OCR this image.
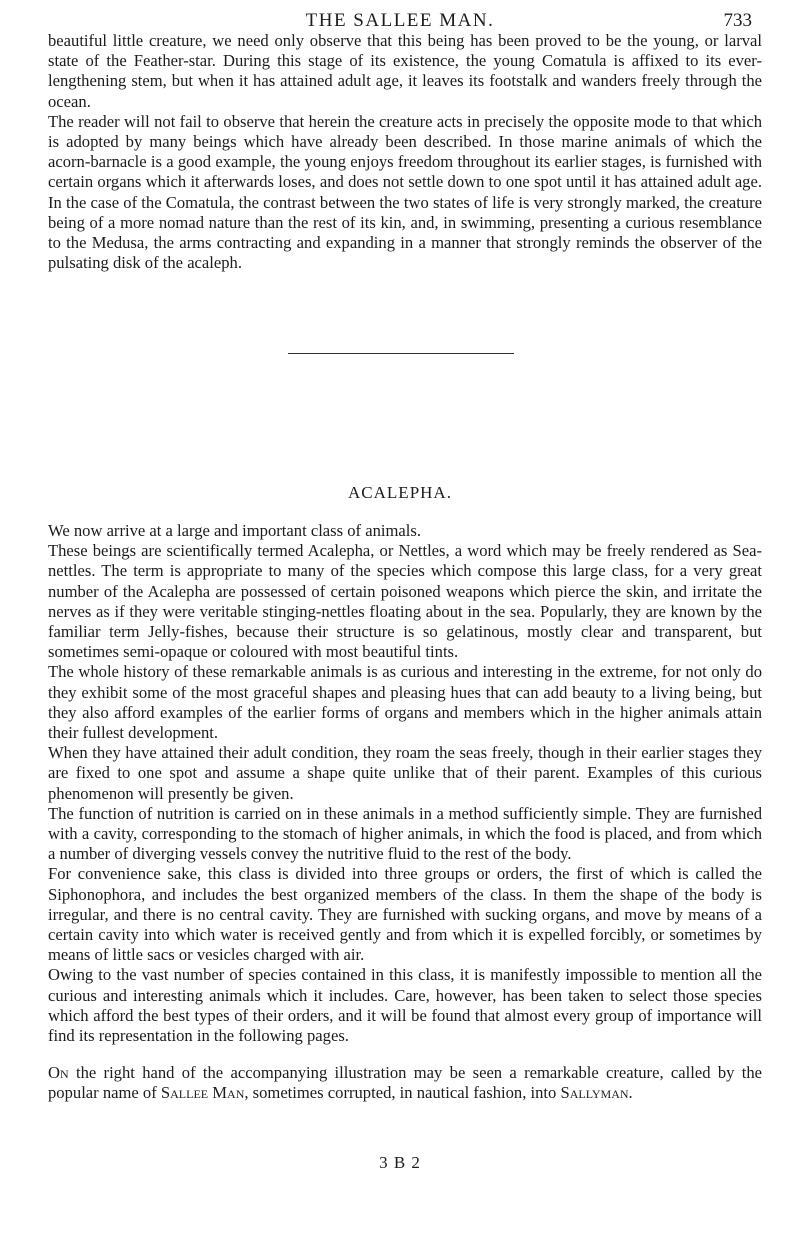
THE SALLEE MAN.	733

beautiful little creature, we need only observe that this being has been proved to be the young, or larval state of the Feather-star. During this stage of its existence, the young Comatula is affixed to its ever-lengthening stem, but when it has attained adult age, it leaves its footstalk and wanders freely through the ocean.

The reader will not fail to observe that herein the creature acts in precisely the opposite mode to that which is adopted by many beings which have already been described. In those marine animals of which the acorn-barnacle is a good example, the young enjoys freedom throughout its earlier stages, is furnished with certain organs which it afterwards loses, and does not settle down to one spot until it has attained adult age. In the case of the Comatula, the contrast between the two states of life is very strongly marked, the creature being of a more nomad nature than the rest of its kin, and, in swimming, presenting a curious resemblance to the Medusa, the arms contracting and expanding in a manner that strongly reminds the observer of the pulsating disk of the acaleph.

ACALEPHA.

We now arrive at a large and important class of animals.

These beings are scientifically termed Acalepha, or Nettles, a word which may be freely rendered as Sea-nettles. The term is appropriate to many of the species which compose this large class, for a very great number of the Acalepha are possessed of certain poisoned weapons which pierce the skin, and irritate the nerves as if they were veritable stinging-nettles floating about in the sea. Popularly, they are known by the familiar term Jelly-fishes, because their structure is so gelatinous, mostly clear and transparent, but sometimes semi-opaque or coloured with most beautiful tints.

The whole history of these remarkable animals is as curious and interesting in the extreme, for not only do they exhibit some of the most graceful shapes and pleasing hues that can add beauty to a living being, but they also afford examples of the earlier forms of organs and members which in the higher animals attain their fullest development.

When they have attained their adult condition, they roam the seas freely, though in their earlier stages they are fixed to one spot and assume a shape quite unlike that of their parent. Examples of this curious phenomenon will presently be given.

The function of nutrition is carried on in these animals in a method sufficiently simple. They are furnished with a cavity, corresponding to the stomach of higher animals, in which the food is placed, and from which a number of diverging vessels convey the nutritive fluid to the rest of the body.

For convenience sake, this class is divided into three groups or orders, the first of which is called the Siphonophora, and includes the best organized members of the class. In them the shape of the body is irregular, and there is no central cavity. They are furnished with sucking organs, and move by means of a certain cavity into which water is received gently and from which it is expelled forcibly, or sometimes by means of little sacs or vesicles charged with air.

Owing to the vast number of species contained in this class, it is manifestly impossible to mention all the curious and interesting animals which it includes. Care, however, has been taken to select those species which afford the best types of their orders, and it will be found that almost every group of importance will find its representation in the following pages.

On the right hand of the accompanying illustration may be seen a remarkable creature, called by the popular name of Sallee Man, sometimes corrupted, in nautical fashion, into Sallyman.

3 B 2
